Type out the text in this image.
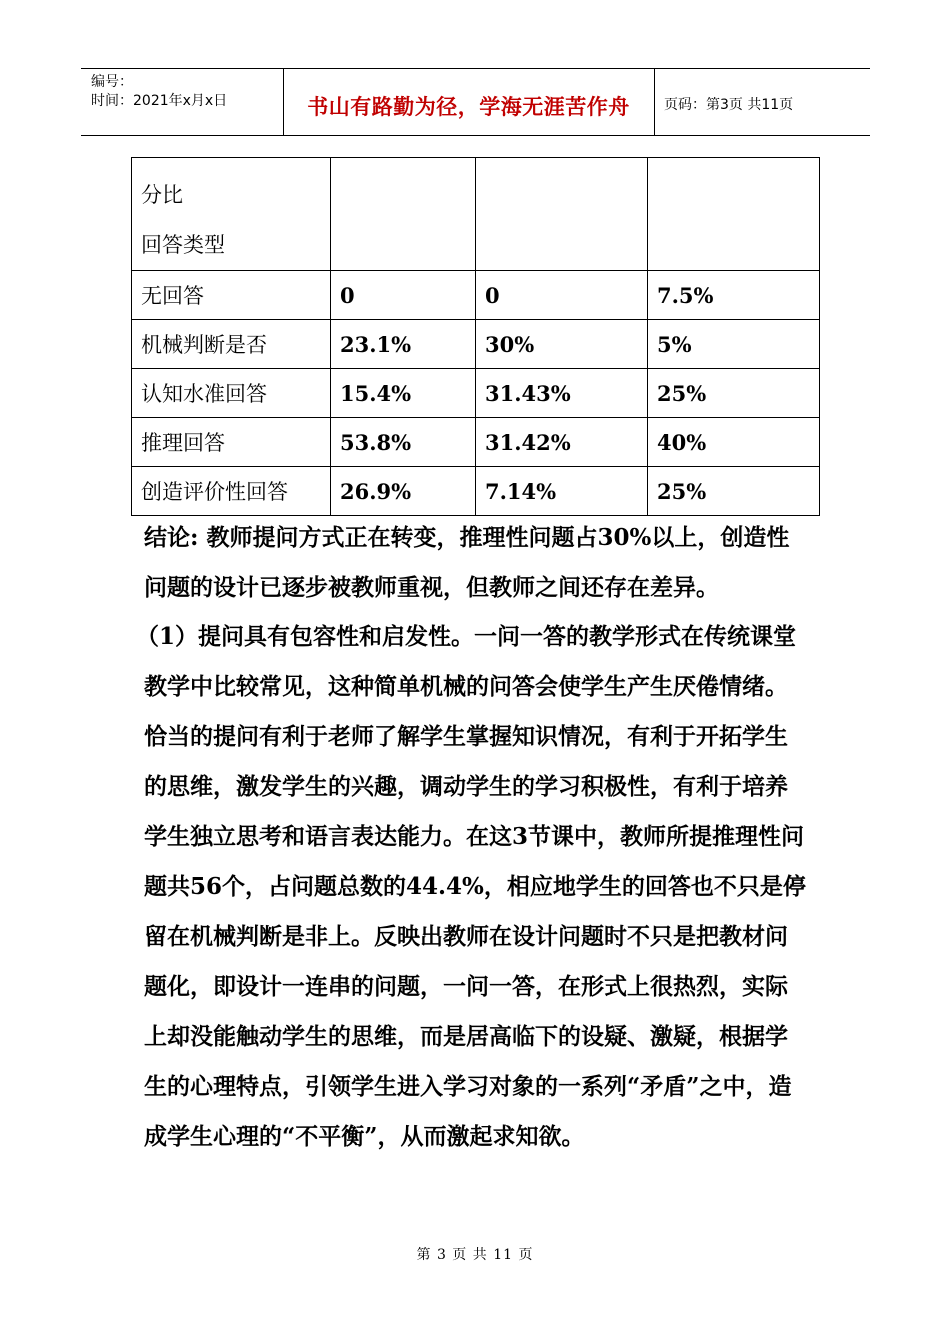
编号：
时间：2021年x月x日	书山有路勤为径，学海无涯苦作舟	页码：第3页 共11页
分比
回答类型			

无回答	0	0	7.5%
机械判断是否	23.1%	30%	5%
认知水准回答	15.4%	31.43%	25%
推理回答	53.8%	31.42%	40%
创造评价性回答	26.9%	7.14%	25%

结论: 教师提问方式正在转变，推理性问题占30%以上，创造性问题的设计已逐步被教师重视，但教师之间还存在差异。

（1）提问具有包容性和启发性。一问一答的教学形式在传统课堂教学中比较常见，这种简单机械的问答会使学生产生厌倦情绪。恰当的提问有利于老师了解学生掌握知识情况，有利于开拓学生的思维，激发学生的兴趣，调动学生的学习积极性，有利于培养学生独立思考和语言表达能力。在这3节课中，教师所提推理性问题共56个，占问题总数的44.4%，相应地学生的回答也不只是停留在机械判断是非上。反映出教师在设计问题时不只是把教材问题化，即设计一连串的问题，一问一答，在形式上很热烈，实际上却没能触动学生的思维，而是居高临下的设疑、激疑，根据学生的心理特点，引领学生进入学习对象的一系列“矛盾”之中，造成学生心理的“不平衡”，从而激起求知欲。

第 3 页 共 11 页
